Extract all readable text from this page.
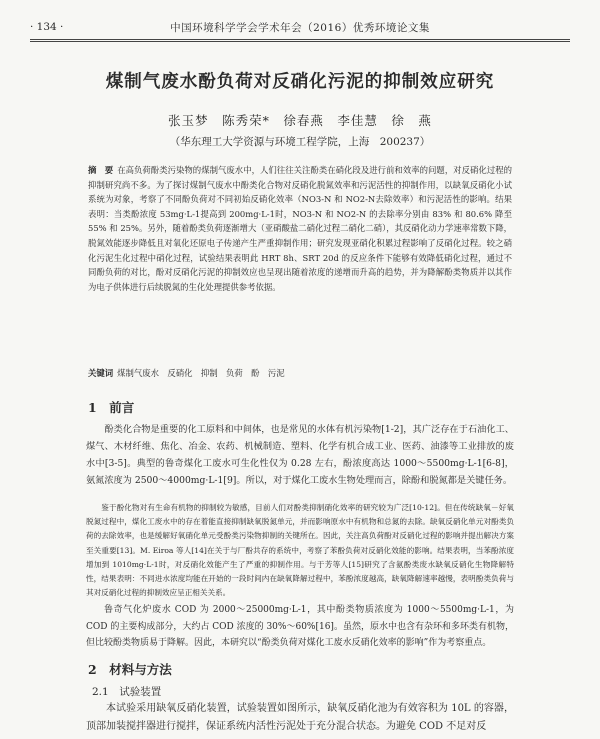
· 134 ·	中国环境科学学会学术年会（2016）优秀环境论文集
煤制气废水酚负荷对反硝化污泥的抑制效应研究
张玉梦　陈秀荣*　徐春燕　李佳慧　徐　燕
（华东理工大学资源与环境工程学院，上海　200237）

摘　要 在高负荷酚类污染物的煤制气废水中，人们往往关注酚类在硝化段及进行前和效率的问题，对反硝化过程的抑制研究尚不多。为了探讨煤制气废水中酚类化合物对反硝化脱氮效率和污泥活性的抑制作用，以缺氧反硝化小试系统为对象，考察了不同酚负荷对不同初始反硝化效率（NO3-N 和 NO2-N去除效率）和污泥活性的影响。结果表明：当类酚浓度 53mg·L-1提高到 200mg·L-1时，NO3-N 和 NO2-N 的去除率分别由 83% 和 80.6% 降至 55% 和 25%。另外，随着酚类负荷逐渐增大（亚硝酸盐二硝化过程二硝化二硝），其反硝化动力学速率常数下降，脱氮效能逐步降低且对氧化还原电子传递产生严重抑制作用；研究发现亚硝化积累过程影响了反硝化过程。较之硝化污泥生化过程中硝化过程，试验结果表明此 HRT 8h、SRT 20d 的反应条件下能够有效降低硝化过程，通过不同酚负荷的对比，酚对反硝化污泥的抑制效应也呈现出随着浓度的递增而升高的趋势，并为降解酚类物质并以其作为电子供体进行后续脱氮的生化处理提供参考依据。

关键词 煤制气废水　反硝化　抑制　负荷　酚　污泥
1　前言

酚类化合物是重要的化工原料和中间体，也是常见的水体有机污染物[1-2]，其广泛存在于石油化工、煤气、木材纤维、焦化、冶金、农药、机械制造、塑料、化学有机合成工业、医药、油漆等工业排放的废水中[3-5]。典型的鲁奇煤化工废水可生化性仅为 0.28 左右，酚浓度高达 1000～5500mg·L-1[6-8]，氨氮浓度为 2500～4000mg·L-1[9]。所以，对于煤化工废水生物处理而言，除酚和脱氮都是关键任务。

鉴于酚化物对有生命有机物的抑制较为敏感，目前人们对酚类抑制硝化效率的研究较为广泛[10-12]。但在传统缺氧－好氧脱氮过程中，煤化工废水中的存在着能直接抑制缺氧脱氮单元，并而影响原水中有机物和总氮的去除。缺氧反硝化单元对酚类负荷的去除效率，也是缓解好氧硝化单元受酚类污染物抑制的关键所在。因此，关注高负荷酚对反硝化过程的影响并提出解决方案至关重要[13]。M. Eiroa 等人[14]在关于与厂酚共存的系统中，考察了苯酚负荷对反硝化效能的影响。结果表明，当苯酚浓度增加到 1010mg·L-1时，对反硝化效能产生了严重的抑制作用。与于芳等人[15]研究了含氨酚类废水缺氧反硝化生物降解特性，结果表明：不同进水浓度均能在开始的一段时间内在缺氧降解过程中，苯酚浓度越高，缺氧降解速率越慢，表明酚类负荷与其对反硝化过程的抑制效应呈正相关关系。

鲁奇气化炉废水 COD 为 2000～25000mg·L-1，其中酚类物质浓度为 1000～5500mg·L-1，为 COD 的主要构成部分，大约占 COD 浓度的 30%～60%[16]。虽然，原水中也含有杂环和多环类有机物，但比较酚类物质易于降解。因此，本研究以“酚类负荷对煤化工废水反硝化效率的影响”作为考察重点。

2　材料与方法
2.1　试验装置

本试验采用缺氧反硝化装置，试验装置如图所示，缺氧反硝化池为有效容积为 10L 的容器，顶部加装搅拌器进行搅拌，保证系统内活性污泥处于充分混合状态。为避免 COD 不足对反
